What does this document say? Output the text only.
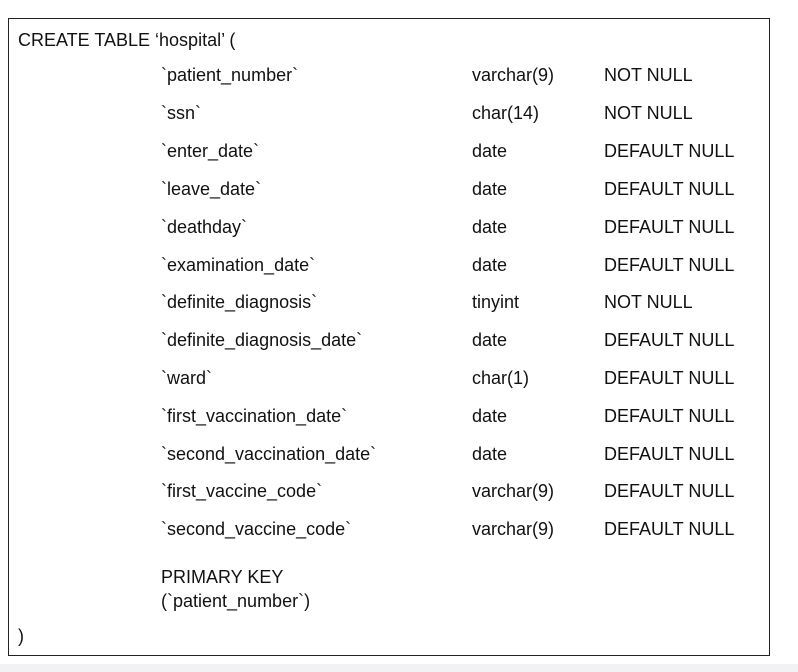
CREATE TABLE ‘hospital’ (
`patient_number`	varchar(9)	NOT NULL
`ssn`	char(14)	NOT NULL
`enter_date`	date	DEFAULT NULL
`leave_date`	date	DEFAULT NULL
`deathday`	date	DEFAULT NULL
`examination_date`	date	DEFAULT NULL
`definite_diagnosis`	tinyint	NOT NULL
`definite_diagnosis_date`	date	DEFAULT NULL
`ward`	char(1)	DEFAULT NULL
`first_vaccination_date`	date	DEFAULT NULL
`second_vaccination_date`	date	DEFAULT NULL
`first_vaccine_code`	varchar(9)	DEFAULT NULL
`second_vaccine_code`	varchar(9)	DEFAULT NULL
PRIMARY KEY
(`patient_number`)
)
